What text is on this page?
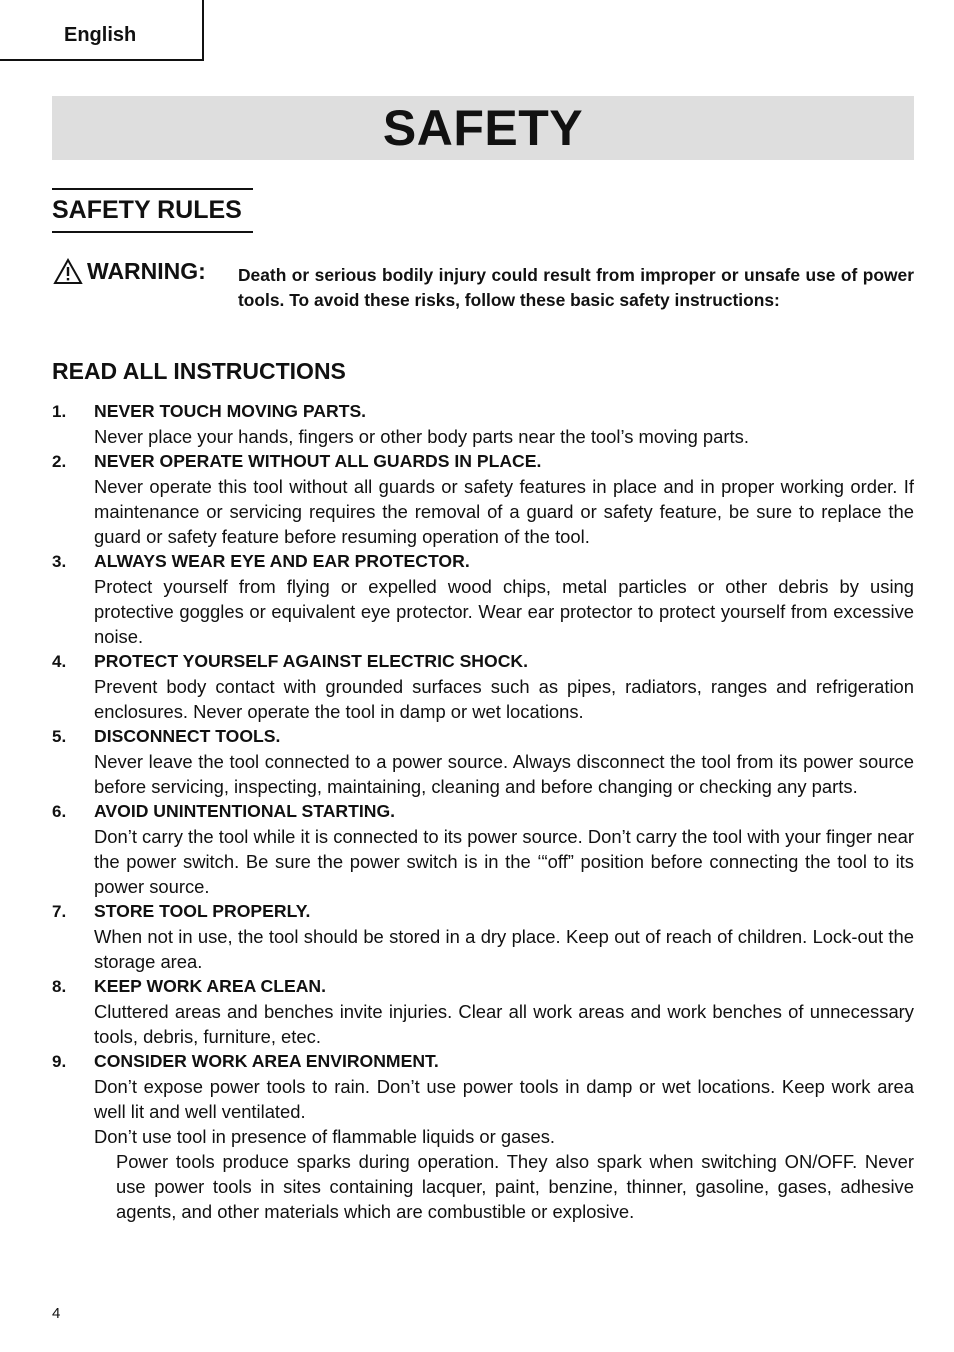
English
SAFETY
SAFETY RULES
WARNING: Death or serious bodily injury could result from improper or unsafe use of power tools. To avoid these risks, follow these basic safety instructions:
READ ALL INSTRUCTIONS
1. NEVER TOUCH MOVING PARTS.

Never place your hands, fingers or other body parts near the tool’s moving parts.

2. NEVER OPERATE WITHOUT ALL GUARDS IN PLACE.

Never operate this tool without all guards or safety features in place and in proper working order. If maintenance or servicing requires the removal of a guard or safety feature, be sure to replace the guard or safety feature before resuming operation of the tool.

3. ALWAYS WEAR EYE AND EAR PROTECTOR.

Protect yourself from flying or expelled wood chips, metal particles or other debris by using protective goggles or equivalent eye protector. Wear ear protector to protect yourself from excessive noise.

4. PROTECT YOURSELF AGAINST ELECTRIC SHOCK.

Prevent body contact with grounded surfaces such as pipes, radiators, ranges and refrigeration enclosures. Never operate the tool in damp or wet locations.

5. DISCONNECT TOOLS.

Never leave the tool connected to a power source. Always disconnect the tool from its power source before servicing, inspecting, maintaining, cleaning and before changing or checking any parts.

6. AVOID UNINTENTIONAL STARTING.

Don’t carry the tool while it is connected to its power source. Don’t carry the tool with your finger near the power switch. Be sure the power switch is in the ‘“off” position before connecting the tool to its power source.

7. STORE TOOL PROPERLY.

When not in use, the tool should be stored in a dry place. Keep out of reach of children. Lock-out the storage area.

8. KEEP WORK AREA CLEAN.

Cluttered areas and benches invite injuries. Clear all work areas and work benches of unnecessary tools, debris, furniture, etec.

9. CONSIDER WORK AREA ENVIRONMENT.

Don’t expose power tools to rain. Don’t use power tools in damp or wet locations. Keep work area well lit and well ventilated.

Don’t use tool in presence of flammable liquids or gases.

Power tools produce sparks during operation. They also spark when switching ON/OFF. Never use power tools in sites containing lacquer, paint, benzine, thinner, gasoline, gases, adhesive agents, and other materials which are combustible or explosive.

4
